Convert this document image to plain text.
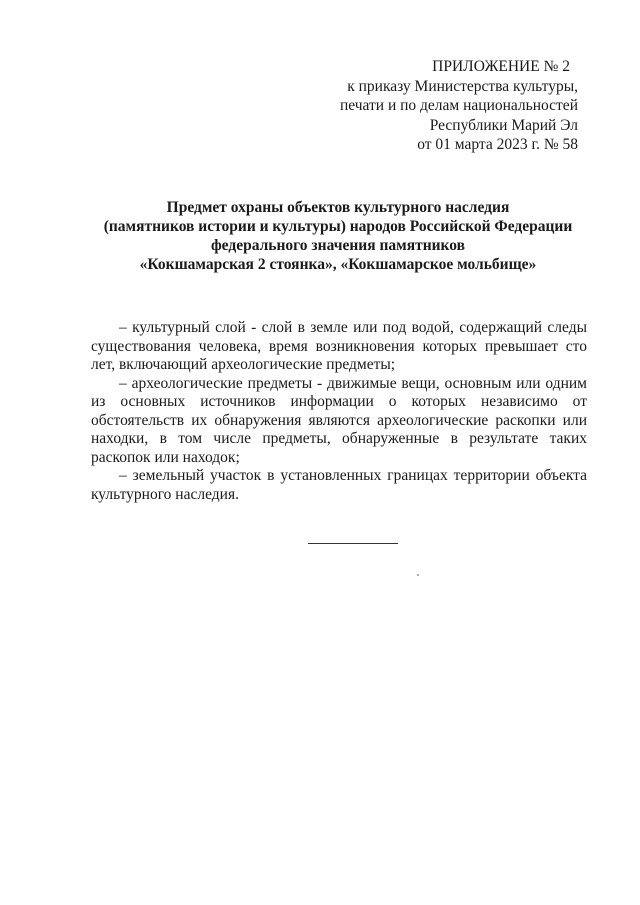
ПРИЛОЖЕНИЕ № 2
к приказу Министерства культуры,
печати и по делам национальностей
Республики Марий Эл
от 01 марта 2023 г. № 58
Предмет охраны объектов культурного наследия
(памятников истории и культуры) народов Российской Федерации
федерального значения памятников
«Кокшамарская 2 стоянка», «Кокшамарское мольбище»

– культурный слой - слой в земле или под водой, содержащий следы существования человека, время возникновения которых превышает сто лет, включающий археологические предметы;

– археологические предметы - движимые вещи, основным или одним из основных источников информации о которых независимо от обстоятельств их обнаружения являются археологические раскопки или находки, в том числе предметы, обнаруженные в результате таких раскопок или находок;

– земельный участок в установленных границах территории объекта культурного наследия.
